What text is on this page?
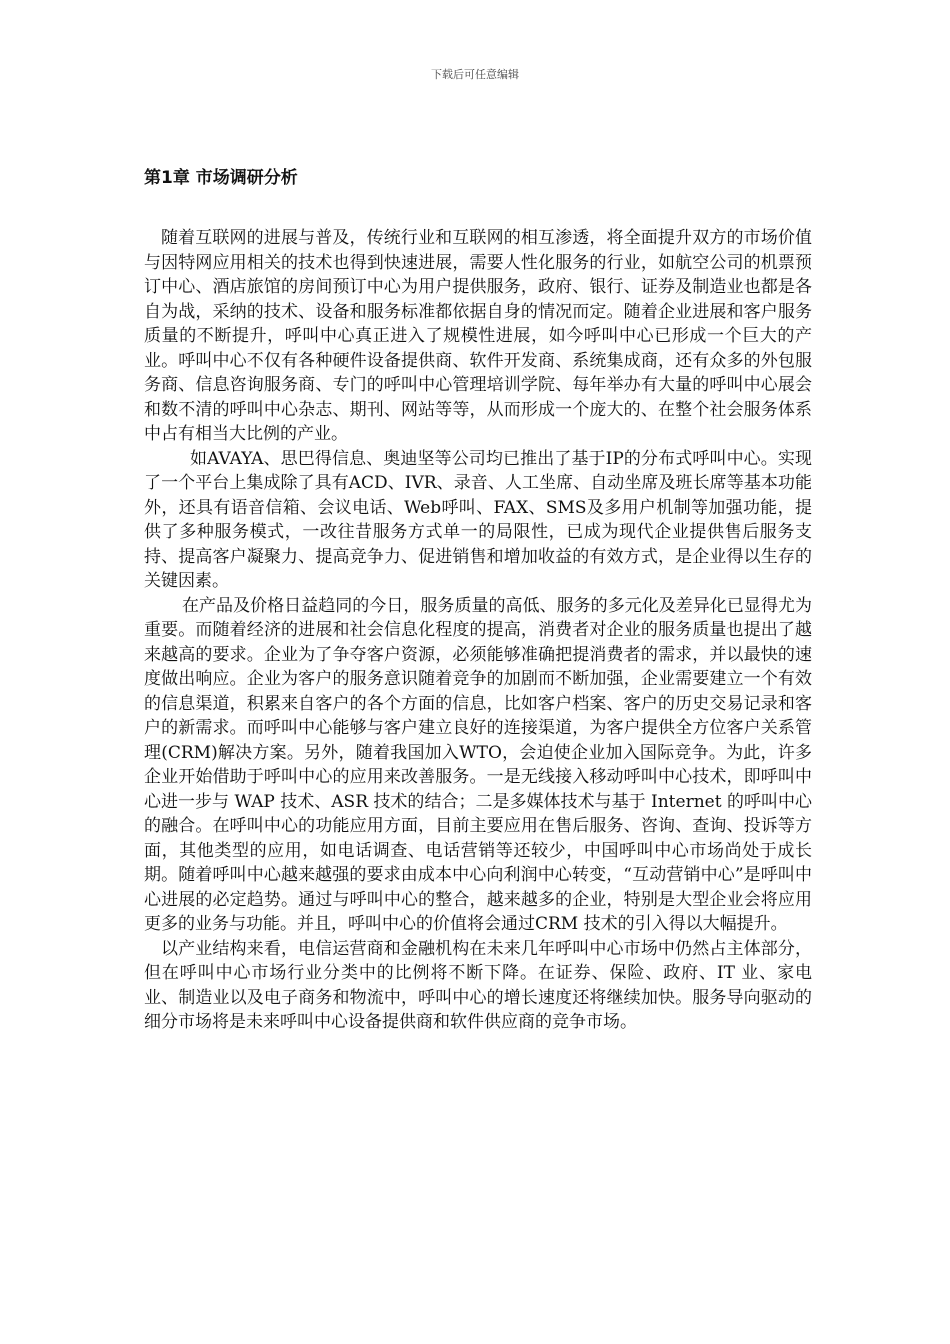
下载后可任意编辑
第1章 市场调研分析

随着互联网的进展与普及，传统行业和互联网的相互渗透，将全面提升双方的市场价值与因特网应用相关的技术也得到快速进展，需要人性化服务的行业，如航空公司的机票预订中心、酒店旅馆的房间预订中心为用户提供服务，政府、银行、证券及制造业也都是各自为战，采纳的技术、设备和服务标准都依据自身的情况而定。随着企业进展和客户服务质量的不断提升，呼叫中心真正进入了规模性进展，如今呼叫中心已形成一个巨大的产业。呼叫中心不仅有各种硬件设备提供商、软件开发商、系统集成商，还有众多的外包服务商、信息咨询服务商、专门的呼叫中心管理培训学院、每年举办有大量的呼叫中心展会和数不清的呼叫中心杂志、期刊、网站等等，从而形成一个庞大的、在整个社会服务体系中占有相当大比例的产业。

如AVAYA、思巴得信息、奥迪坚等公司均已推出了基于IP的分布式呼叫中心。实现了一个平台上集成除了具有ACD、IVR、录音、人工坐席、自动坐席及班长席等基本功能外，还具有语音信箱、会议电话、Web呼叫、FAX、SMS及多用户机制等加强功能，提供了多种服务模式，一改往昔服务方式单一的局限性，已成为现代企业提供售后服务支持、提高客户凝聚力、提高竞争力、促进销售和增加收益的有效方式，是企业得以生存的关键因素。

在产品及价格日益趋同的今日，服务质量的高低、服务的多元化及差异化已显得尤为重要。而随着经济的进展和社会信息化程度的提高，消费者对企业的服务质量也提出了越来越高的要求。企业为了争夺客户资源，必须能够准确把提消费者的需求，并以最快的速度做出响应。企业为客户的服务意识随着竞争的加剧而不断加强，企业需要建立一个有效的信息渠道，积累来自客户的各个方面的信息，比如客户档案、客户的历史交易记录和客户的新需求。而呼叫中心能够与客户建立良好的连接渠道，为客户提供全方位客户关系管理(CRM)解决方案。另外，随着我国加入WTO，会迫使企业加入国际竞争。为此，许多企业开始借助于呼叫中心的应用来改善服务。一是无线接入移动呼叫中心技术，即呼叫中心进一步与 WAP 技术、ASR 技术的结合；二是多媒体技术与基于 Internet 的呼叫中心的融合。在呼叫中心的功能应用方面，目前主要应用在售后服务、咨询、查询、投诉等方面，其他类型的应用，如电话调查、电话营销等还较少，中国呼叫中心市场尚处于成长期。随着呼叫中心越来越强的要求由成本中心向利润中心转变，“互动营销中心”是呼叫中心进展的必定趋势。通过与呼叫中心的整合，越来越多的企业，特别是大型企业会将应用更多的业务与功能。并且，呼叫中心的价值将会通过CRM 技术的引入得以大幅提升。

以产业结构来看，电信运营商和金融机构在未来几年呼叫中心市场中仍然占主体部分，但在呼叫中心市场行业分类中的比例将不断下降。在证券、保险、政府、IT 业、家电业、制造业以及电子商务和物流中，呼叫中心的增长速度还将继续加快。服务导向驱动的细分市场将是未来呼叫中心设备提供商和软件供应商的竞争市场。
